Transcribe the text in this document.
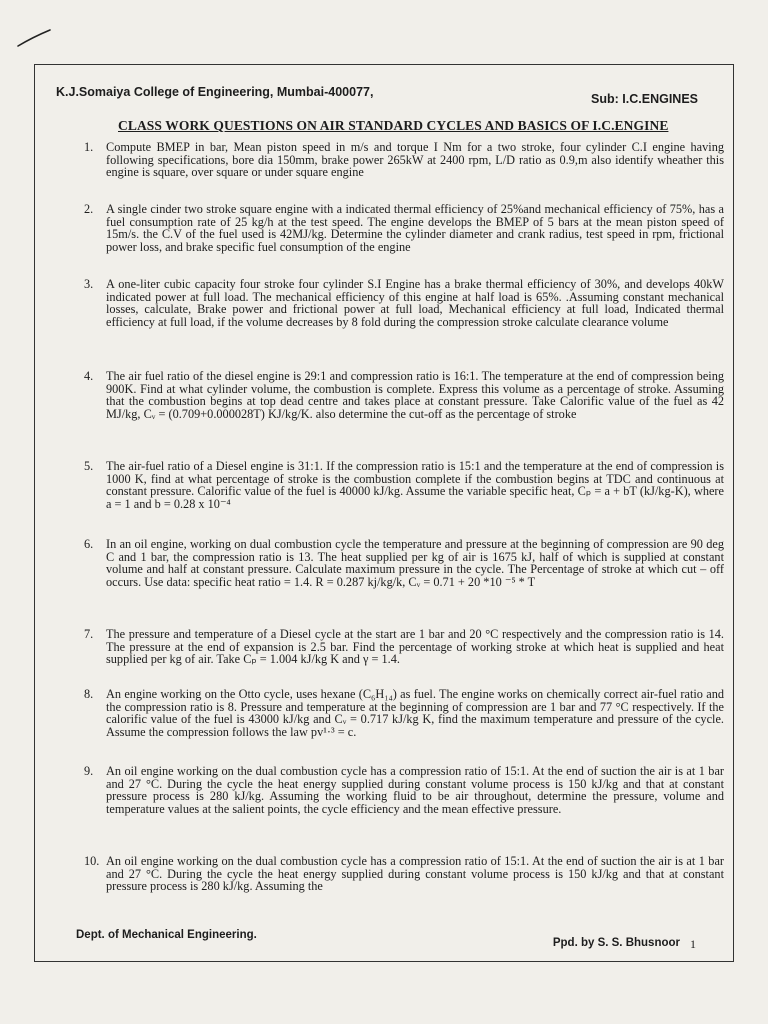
K.J.Somaiya College of Engineering, Mumbai-400077,	Sub: I.C.ENGINES
CLASS WORK QUESTIONS ON AIR STANDARD CYCLES AND BASICS OF I.C.ENGINE
1.	Compute BMEP in bar, Mean piston speed in m/s and torque I Nm for a two stroke, four cylinder C.I engine having following specifications, bore dia 150mm, brake power 265kW at 2400 rpm, L/D ratio as 0.9,m also identify wheather this engine is square, over square or under square engine
2.	A single cinder two stroke square engine with a indicated thermal efficiency of 25%and mechanical efficiency of 75%, has a fuel consumption rate of 25 kg/h at the test speed. The engine develops the BMEP of 5 bars at the mean piston speed of 15m/s. the C.V of the fuel used is 42MJ/kg. Determine the cylinder diameter and crank radius, test speed in rpm, frictional power loss, and brake specific fuel consumption of the engine
3.	A one-liter cubic capacity four stroke four cylinder S.I Engine has a brake thermal efficiency of 30%, and develops 40kW indicated power at full load. The mechanical efficiency of this engine at half load is 65%. .Assuming constant mechanical losses, calculate, Brake power and frictional power at full load, Mechanical efficiency at full load, Indicated thermal efficiency at full load, if the volume decreases by 8 fold during the compression stroke calculate clearance volume
4.	The air fuel ratio of the diesel engine is 29:1 and compression ratio is 16:1. The temperature at the end of compression being 900K. Find at what cylinder volume, the combustion is complete. Express this volume as a percentage of stroke. Assuming that the combustion begins at top dead centre and takes place at constant pressure. Take Calorific value of the fuel as 42 MJ/kg, Cᵥ = (0.709+0.000028T) KJ/kg/K. also determine the cut-off as the percentage of stroke
5.	The air-fuel ratio of a Diesel engine is 31:1. If the compression ratio is 15:1 and the temperature at the end of compression is 1000 K, find at what percentage of stroke is the combustion complete if the combustion begins at TDC and continuous at constant pressure. Calorific value of the fuel is 40000 kJ/kg. Assume the variable specific heat, Cₚ = a + bT (kJ/kg-K), where a = 1 and b = 0.28 x 10⁻⁴
6.	In an oil engine, working on dual combustion cycle the temperature and pressure at the beginning of compression are 90 deg C and 1 bar, the compression ratio is 13. The heat supplied per kg of air is 1675 kJ, half of which is supplied at constant volume and half at constant pressure. Calculate maximum pressure in the cycle. The Percentage of stroke at which cut – off occurs. Use data: specific heat ratio = 1.4. R = 0.287 kj/kg/k, Cᵥ = 0.71 + 20 *10 ⁻⁵ * T
7.	The pressure and temperature of a Diesel cycle at the start are 1 bar and 20 °C respectively and the compression ratio is 14. The pressure at the end of expansion is 2.5 bar. Find the percentage of working stroke at which heat is supplied and heat supplied per kg of air. Take Cₚ = 1.004 kJ/kg K and γ = 1.4.
8.	An engine working on the Otto cycle, uses hexane (C₆H₁₄) as fuel. The engine works on chemically correct air-fuel ratio and the compression ratio is 8. Pressure and temperature at the beginning of compression are 1 bar and 77 °C respectively. If the calorific value of the fuel is 43000 kJ/kg and Cᵥ = 0.717 kJ/kg K, find the maximum temperature and pressure of the cycle. Assume the compression follows the law pv¹·³ = c.
9.	An oil engine working on the dual combustion cycle has a compression ratio of 15:1. At the end of suction the air is at 1 bar and 27 °C. During the cycle the heat energy supplied during constant volume process is 150 kJ/kg and that at constant pressure process is 280 kJ/kg. Assuming the working fluid to be air throughout, determine the pressure, volume and temperature values at the salient points, the cycle efficiency and the mean effective pressure.
10. An oil engine working on the dual combustion cycle has a compression ratio of 15:1. At the end of suction the air is at 1 bar and 27 °C. During the cycle the heat energy supplied during constant volume process is 150 kJ/kg and that at constant pressure process is 280 kJ/kg. Assuming the
Dept. of Mechanical Engineering.
Ppd. by S. S. Bhusnoor 1
